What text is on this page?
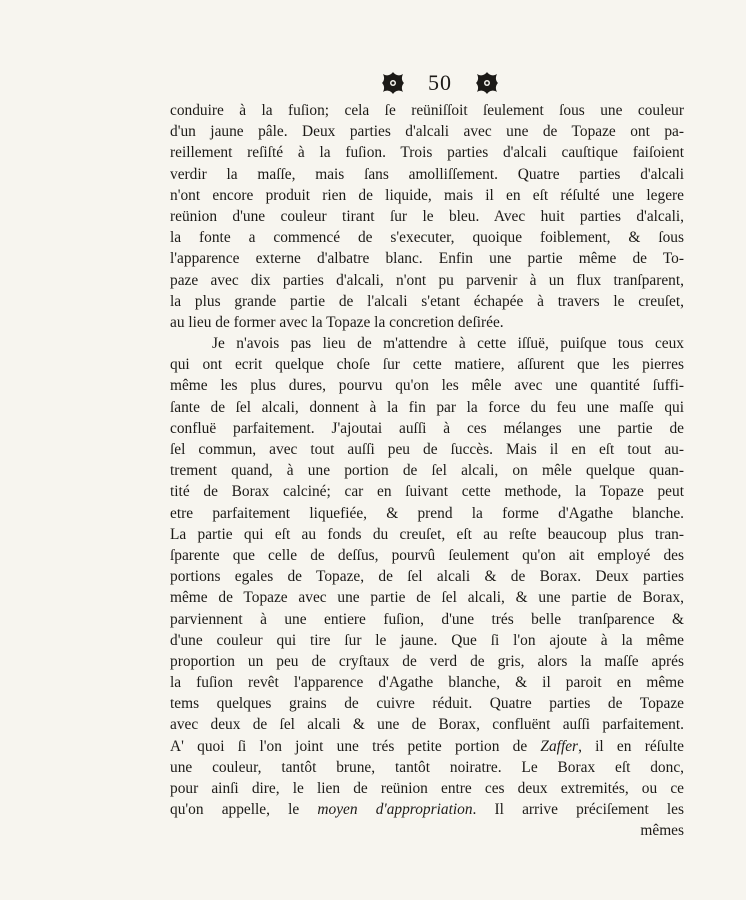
50
conduire à la fuſion; cela ſe reüniſſoit ſeulement ſous une couleur
d'un jaune pâle. Deux parties d'alcali avec une de Topaze ont pa-
reillement reſiſté à la fuſion. Trois parties d'alcali cauſtique faiſoient
verdir la maſſe, mais ſans amolliſſement. Quatre parties d'alcali
n'ont encore produit rien de liquide, mais il en eſt réſulté une legere
reünion d'une couleur tirant ſur le bleu. Avec huit parties d'alcali,
la fonte a commencé de s'executer, quoique foiblement, & ſous
l'apparence externe d'albatre blanc. Enfin une partie même de To-
paze avec dix parties d'alcali, n'ont pu parvenir à un flux tranſparent,
la plus grande partie de l'alcali s'etant échapée à travers le creuſet,
au lieu de former avec la Topaze la concretion deſirée.
Je n'avois pas lieu de m'attendre à cette iſſuë, puiſque tous ceux
qui ont ecrit quelque choſe ſur cette matiere, aſſurent que les pierres
même les plus dures, pourvu qu'on les mêle avec une quantité ſuffi-
ſante de ſel alcali, donnent à la fin par la force du feu une maſſe qui
confluë parfaitement. J'ajoutai auſſi à ces mélanges une partie de
ſel commun, avec tout auſſi peu de ſuccès. Mais il en eſt tout au-
trement quand, à une portion de ſel alcali, on mêle quelque quan-
tité de Borax calciné; car en ſuivant cette methode, la Topaze peut
etre parfaitement liquefiée, & prend la forme d'Agathe blanche.
La partie qui eſt au fonds du creuſet, eſt au reſte beaucoup plus tran-
ſparente que celle de deſſus, pourvû ſeulement qu'on ait employé des
portions egales de Topaze, de ſel alcali & de Borax. Deux parties
même de Topaze avec une partie de ſel alcali, & une partie de Borax,
parviennent à une entiere fuſion, d'une trés belle tranſparence &
d'une couleur qui tire ſur le jaune. Que ſi l'on ajoute à la même
proportion un peu de cryſtaux de verd de gris, alors la maſſe aprés
la fuſion revêt l'apparence d'Agathe blanche, & il paroit en même
tems quelques grains de cuivre réduit. Quatre parties de Topaze
avec deux de ſel alcali & une de Borax, confluënt auſſi parfaitement.
A' quoi ſi l'on joint une trés petite portion de Zaffer, il en réſulte
une couleur, tantôt brune, tantôt noiratre. Le Borax eſt donc,
pour ainſi dire, le lien de reünion entre ces deux extremités, ou ce
qu'on appelle, le moyen d'appropriation. Il arrive préciſement les
mêmes
